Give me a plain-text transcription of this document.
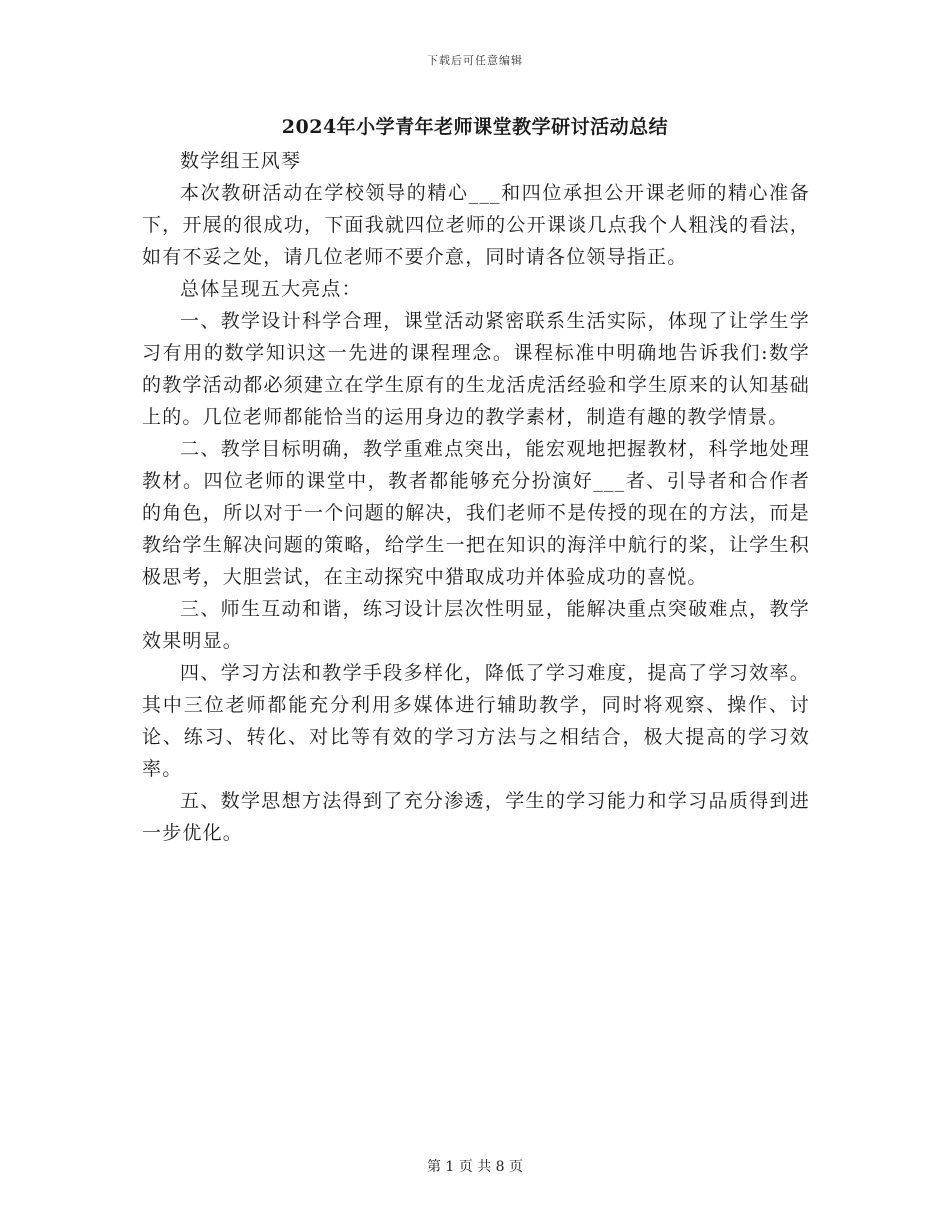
下载后可任意编辑
2024年小学青年老师课堂教学研讨活动总结

数学组王风琴

本次教研活动在学校领导的精心___和四位承担公开课老师的精心准备下，开展的很成功，下面我就四位老师的公开课谈几点我个人粗浅的看法，如有不妥之处，请几位老师不要介意，同时请各位领导指正。

总体呈现五大亮点：

一、教学设计科学合理，课堂活动紧密联系生活实际，体现了让学生学习有用的数学知识这一先进的课程理念。课程标准中明确地告诉我们:数学的教学活动都必须建立在学生原有的生龙活虎活经验和学生原来的认知基础上的。几位老师都能恰当的运用身边的教学素材，制造有趣的教学情景。

二、教学目标明确，教学重难点突出，能宏观地把握教材，科学地处理教材。四位老师的课堂中，教者都能够充分扮演好___者、引导者和合作者的角色，所以对于一个问题的解决，我们老师不是传授的现在的方法，而是教给学生解决问题的策略，给学生一把在知识的海洋中航行的桨，让学生积极思考，大胆尝试，在主动探究中猎取成功并体验成功的喜悦。

三、师生互动和谐，练习设计层次性明显，能解决重点突破难点，教学效果明显。

四、学习方法和教学手段多样化，降低了学习难度，提高了学习效率。其中三位老师都能充分利用多媒体进行辅助教学，同时将观察、操作、讨论、练习、转化、对比等有效的学习方法与之相结合，极大提高的学习效率。

五、数学思想方法得到了充分渗透，学生的学习能力和学习品质得到进一步优化。

第 1 页 共 8 页
